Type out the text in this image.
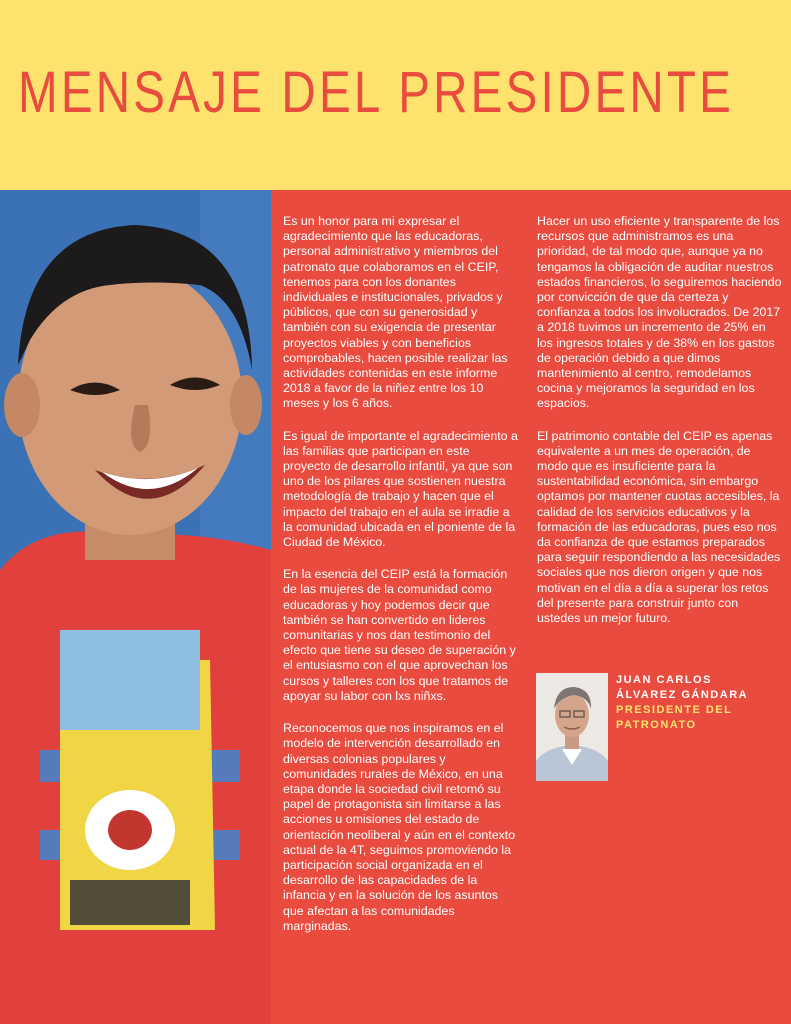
MENSAJE DEL PRESIDENTE

Es un honor para mi expresar el agradecimiento que las educadoras, personal administrativo y miembros del patronato que colaboramos en el CEIP, tenemos para con los donantes individuales e institucionales, privados y públicos, que con su generosidad y también con su exigencia de presentar proyectos viables y con beneficios comprobables, hacen posible realizar las actividades contenidas en este informe 2018 a favor de la niñez entre los 10 meses y los 6 años.

Es igual de importante el agradecimiento a las familias que participan en este proyecto de desarrollo infantil, ya que son uno de los pilares que sostienen nuestra metodología de trabajo y hacen que el impacto del trabajo en el aula se irradie a la comunidad ubicada en el poniente de la Ciudad de México.

En la esencia del CEIP está la formación de las mujeres de la comunidad como educadoras y hoy podemos decir que también se han convertido en lideres comunitarias y nos dan testimonio del efecto que tiene su deseo de superación y el entusiasmo con el que aprovechan los cursos y talleres con los que tratamos de apoyar su labor con lxs niñxs.

Reconocemos que nos inspiramos en el modelo de intervención desarrollado en diversas colonias populares y comunidades rurales de México, en una etapa donde la sociedad civil retomó su papel de protagonista sin limitarse a las acciones u omisiones del estado de orientación neoliberal y aún en el contexto actual de la 4T, seguimos promoviendo la participación social organizada en el desarrollo de las capacidades de la infancia y en la solución de los asuntos que afectan a las comunidades marginadas.

Hacer un uso eficiente y transparente de los recursos que administramos es una prioridad, de tal modo que, aunque ya no tengamos la obligación de auditar nuestros estados financieros, lo seguiremos haciendo por convicción de que da certeza y confianza a todos los involucrados. De 2017 a 2018 tuvimos un incremento de 25% en los ingresos totales y de 38% en los gastos de operación debido a que dimos mantenimiento al centro, remodelamos cocina y mejoramos la seguridad en los espacios.

El patrimonio contable del CEIP es apenas equivalente a un mes de operación, de modo que es insuficiente para la sustentabilidad económica, sin embargo optamos por mantener cuotas accesibles, la calidad de los servicios educativos y la formación de las educadoras, pues eso nos da confianza de que estamos preparados para seguir respondiendo a las necesidades sociales que nos dieron origen y que nos motivan en el día a día a superar los retos del presente para construir junto con ustedes un mejor futuro.

JUAN CARLOS
ÁLVAREZ GÁNDARA
PRESIDENTE DEL
PATRONATO
